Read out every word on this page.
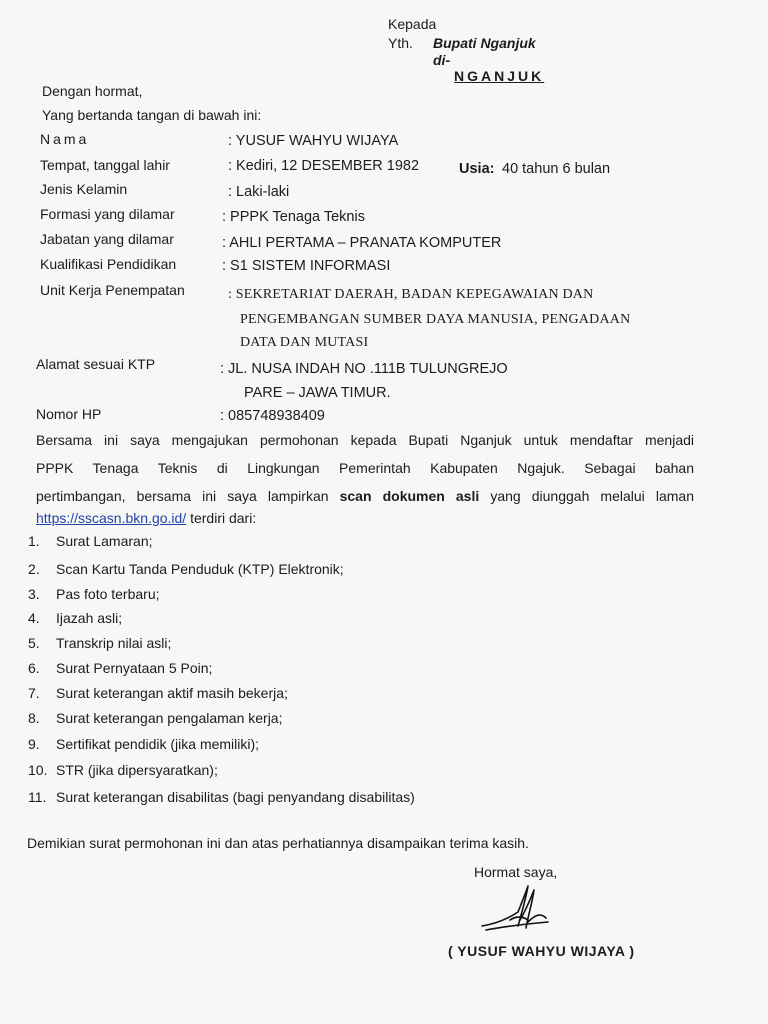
Kepada
Yth. Bupati Nganjuk
di-
NGANJUK
Dengan hormat,
Yang bertanda tangan di bawah ini:
Nama	: YUSUF WAHYU WIJAYA
Tempat, tanggal lahir	: Kediri, 12 DESEMBER 1982	Usia: 40 tahun 6 bulan
Jenis Kelamin	: Laki-laki
Formasi yang dilamar	: PPPK Tenaga Teknis
Jabatan yang dilamar	: AHLI PERTAMA – PRANATA KOMPUTER
Kualifikasi Pendidikan	: S1 SISTEM INFORMASI
Unit Kerja Penempatan	: SEKRETARIAT DAERAH, BADAN KEPEGAWAIAN DAN
PENGEMBANGAN SUMBER DAYA MANUSIA, PENGADAAN
DATA DAN MUTASI
Alamat sesuai KTP	: JL. NUSA INDAH NO .111B TULUNGREJO
PARE – JAWA TIMUR.
Nomor HP	: 085748938409
Bersama ini saya mengajukan permohonan kepada Bupati Nganjuk untuk mendaftar menjadi
PPPK Tenaga Teknis di Lingkungan Pemerintah Kabupaten Ngajuk. Sebagai bahan
pertimbangan, bersama ini saya lampirkan scan dokumen asli yang diunggah melalui laman
https://sscasn.bkn.go.id/ terdiri dari:
1. Surat Lamaran;
2. Scan Kartu Tanda Penduduk (KTP) Elektronik;
3. Pas foto terbaru;
4. Ijazah asli;
5. Transkrip nilai asli;
6. Surat Pernyataan 5 Poin;
7. Surat keterangan aktif masih bekerja;
8. Surat keterangan pengalaman kerja;
9. Sertifikat pendidik (jika memiliki);
10. STR (jika dipersyaratkan);
11. Surat keterangan disabilitas (bagi penyandang disabilitas)
Demikian surat permohonan ini dan atas perhatiannya disampaikan terima kasih.
Hormat saya,
( YUSUF WAHYU WIJAYA )
